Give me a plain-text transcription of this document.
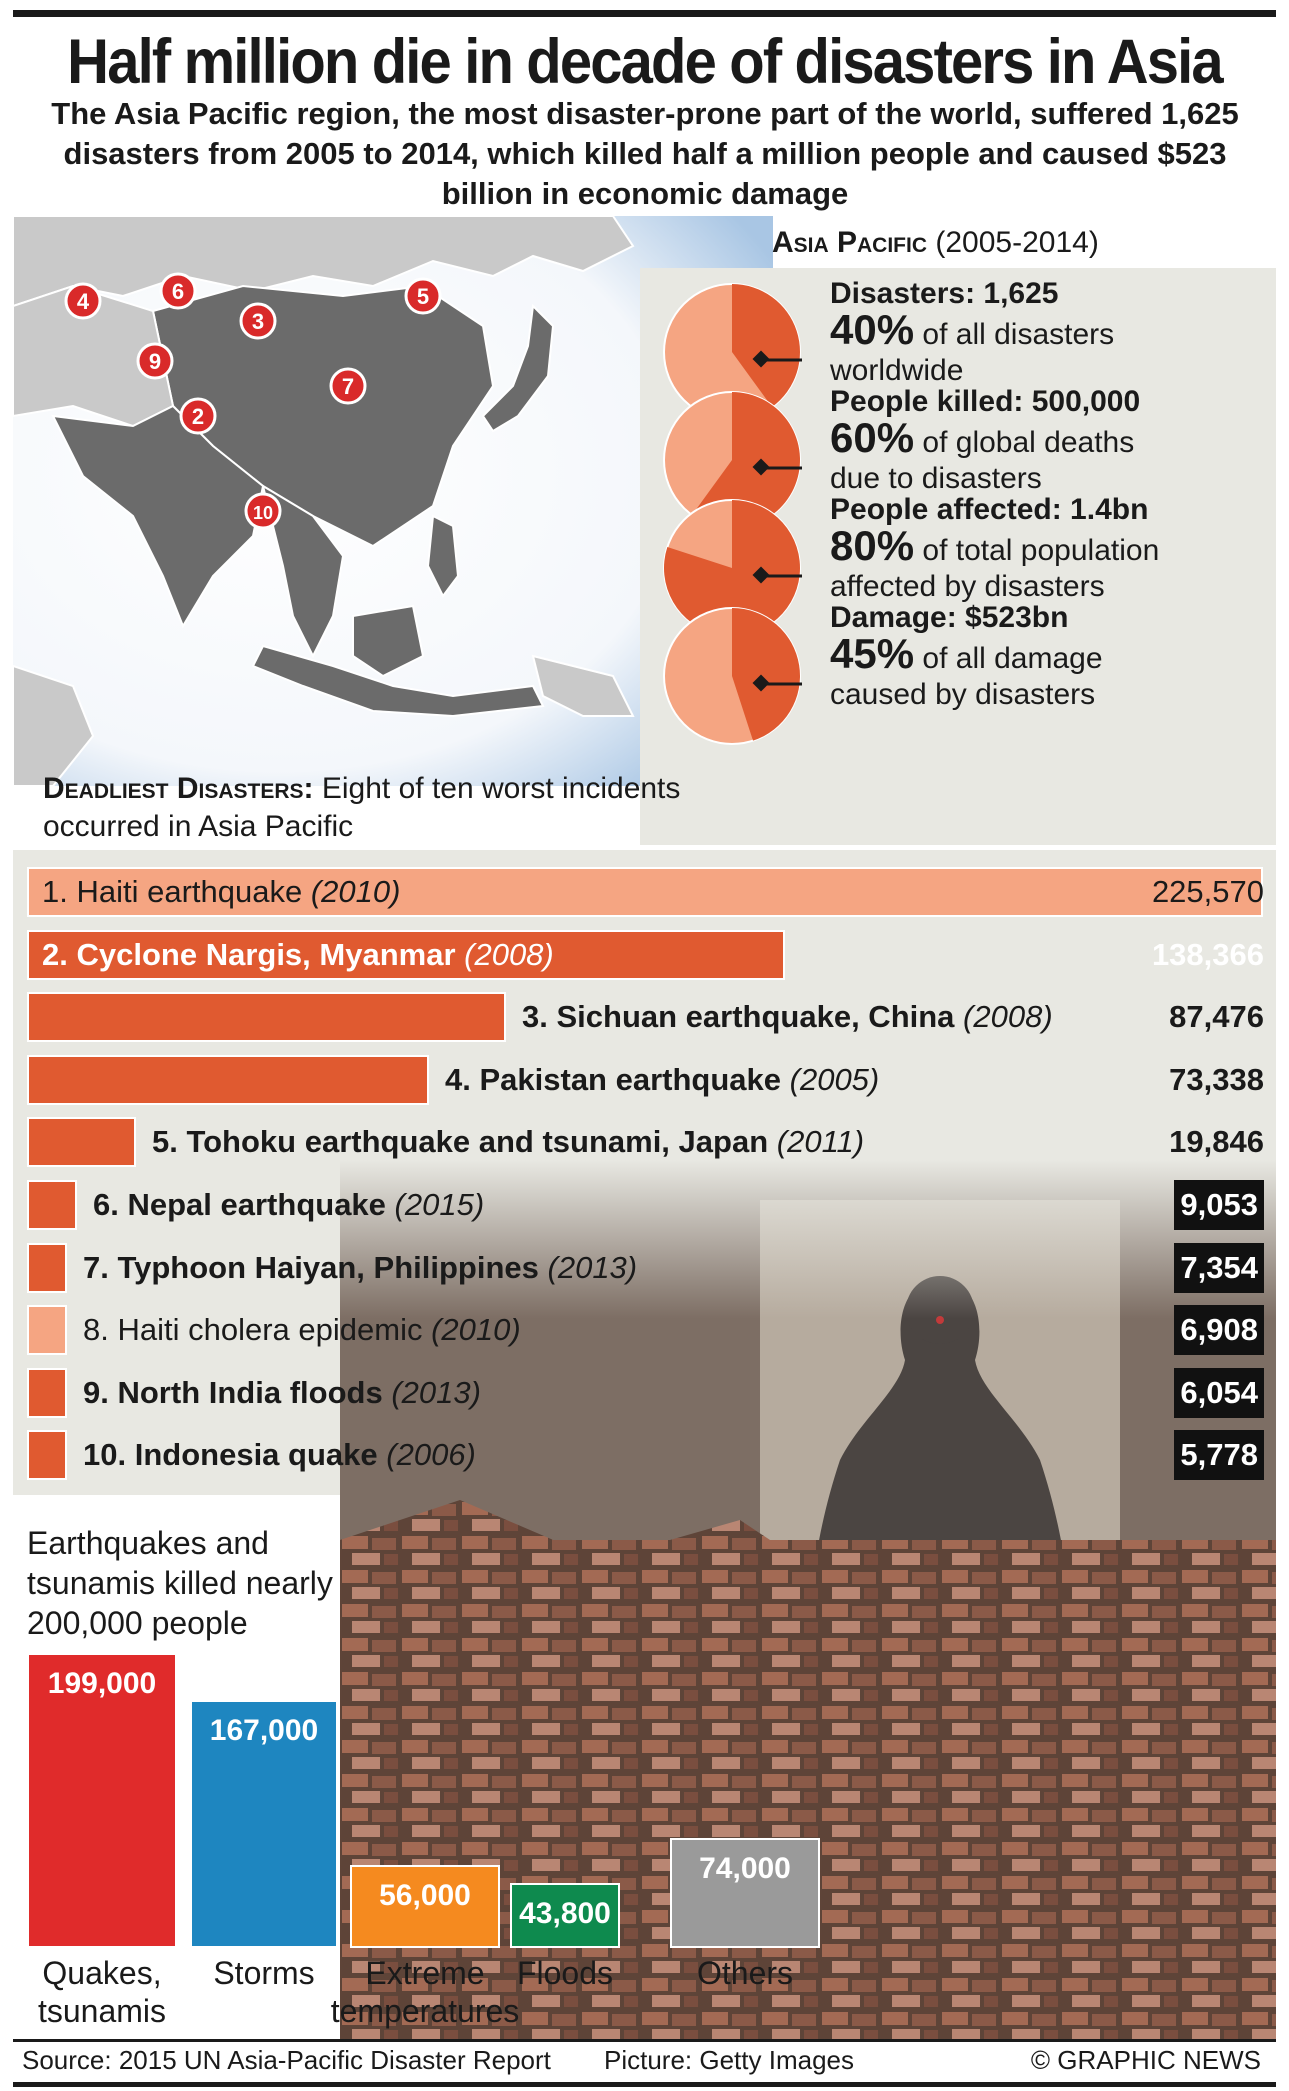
Half million die in decade of disasters in Asia
The Asia Pacific region, the most disaster-prone part of the world, suffered 1,625 disasters from 2005 to 2014, which killed half a million people and caused $523 billion in economic damage
2
3
4	5
6
7
9
10
Asia Pacific (2005-2014)
Disasters: 1,625
40% of all disasters
worldwide
People killed: 500,000
60% of global deaths
due to disasters
People affected: 1.4bn
80% of total population
affected by disasters
Damage: $523bn
45% of all damage
caused by disasters
Deadliest Disasters: Eight of ten worst incidents occurred in Asia Pacific
1. Haiti earthquake (2010)	225,570
2. Cyclone Nargis, Myanmar (2008)	138,366
3. Sichuan earthquake, China (2008)	87,476
4. Pakistan earthquake (2005)	73,338
5. Tohoku earthquake and tsunami, Japan (2011)	19,846
6. Nepal earthquake (2015)	9,053
7. Typhoon Haiyan, Philippines (2013)	7,354
8. Haiti cholera epidemic (2010)	6,908
9. North India floods (2013)	6,054
10. Indonesia quake (2006)	5,778
Earthquakes and tsunamis killed nearly 200,000 people
199,000
Quakes, tsunamis
167,000
Storms
56,000
Extreme temperatures
43,800
Floods
74,000
Others
Source: 2015 UN Asia-Pacific Disaster Report Picture: Getty Images	© GRAPHIC NEWS
